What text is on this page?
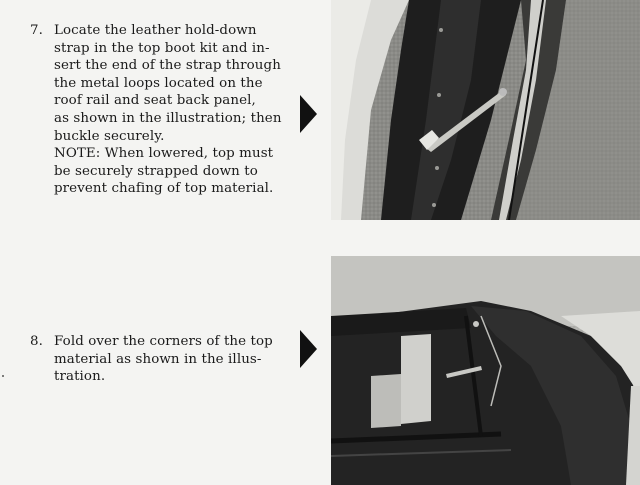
7. Locate the leather hold-down
strap in the top boot kit and in-
sert the end of the strap through
the metal loops located on the
roof rail and seat back panel,
as shown in the illustration; then
buckle securely.
NOTE: When lowered, top must
be securely strapped down to
prevent chafing of top material.
8. Fold over the corners of the top
material as shown in the illus-
tration.
